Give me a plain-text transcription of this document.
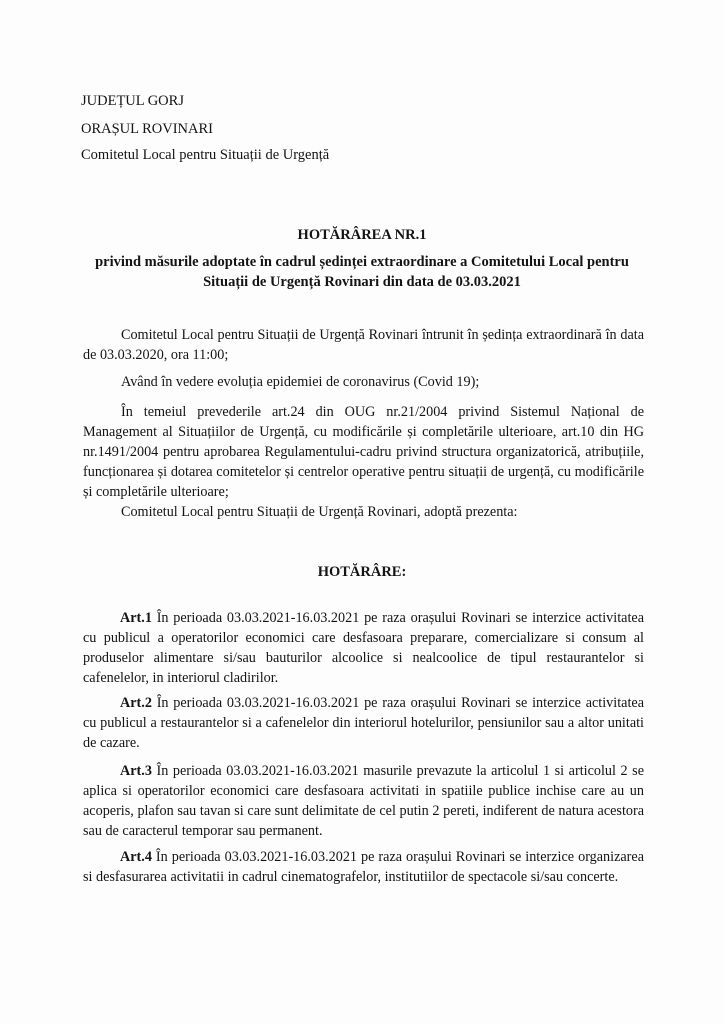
JUDEȚUL GORJ
ORAȘUL ROVINARI
Comitetul Local pentru Situații de Urgență
HOTĂRÂREA NR.1
privind măsurile adoptate în cadrul ședinței extraordinare a Comitetului Local pentru
Situații de Urgență Rovinari din data de 03.03.2021
Comitetul Local pentru Situații de Urgență Rovinari întrunit în ședința extraordinară în data de 03.03.2020, ora 11:00;
Având în vedere evoluția epidemiei de coronavirus (Covid 19);
În temeiul prevederile art.24 din OUG nr.21/2004 privind Sistemul Național de Management al Situațiilor de Urgență, cu modificările și completările ulterioare, art.10 din HG nr.1491/2004 pentru aprobarea Regulamentului-cadru privind structura organizatorică, atribuțiile, funcționarea și dotarea comitetelor și centrelor operative pentru situații de urgență, cu modificările și completările ulterioare;
Comitetul Local pentru Situații de Urgență Rovinari, adoptă prezenta:
HOTĂRÂRE:
Art.1 În perioada 03.03.2021-16.03.2021 pe raza orașului Rovinari se interzice activitatea cu publicul a operatorilor economici care desfasoara preparare, comercializare si consum al produselor alimentare si/sau bauturilor alcoolice si nealcoolice de tipul restaurantelor si cafenelelor, in interiorul cladirilor.
Art.2 În perioada 03.03.2021-16.03.2021 pe raza orașului Rovinari se interzice activitatea cu publicul a restaurantelor si a cafenelelor din interiorul hotelurilor, pensiunilor sau a altor unitati de cazare.
Art.3 În perioada 03.03.2021-16.03.2021 masurile prevazute la articolul 1 si articolul 2 se aplica si operatorilor economici care desfasoara activitati in spatiile publice inchise care au un acoperis, plafon sau tavan si care sunt delimitate de cel putin 2 pereti, indiferent de natura acestora sau de caracterul temporar sau permanent.
Art.4 În perioada 03.03.2021-16.03.2021 pe raza orașului Rovinari se interzice organizarea si desfasurarea activitatii in cadrul cinematografelor, institutiilor de spectacole si/sau concerte.
